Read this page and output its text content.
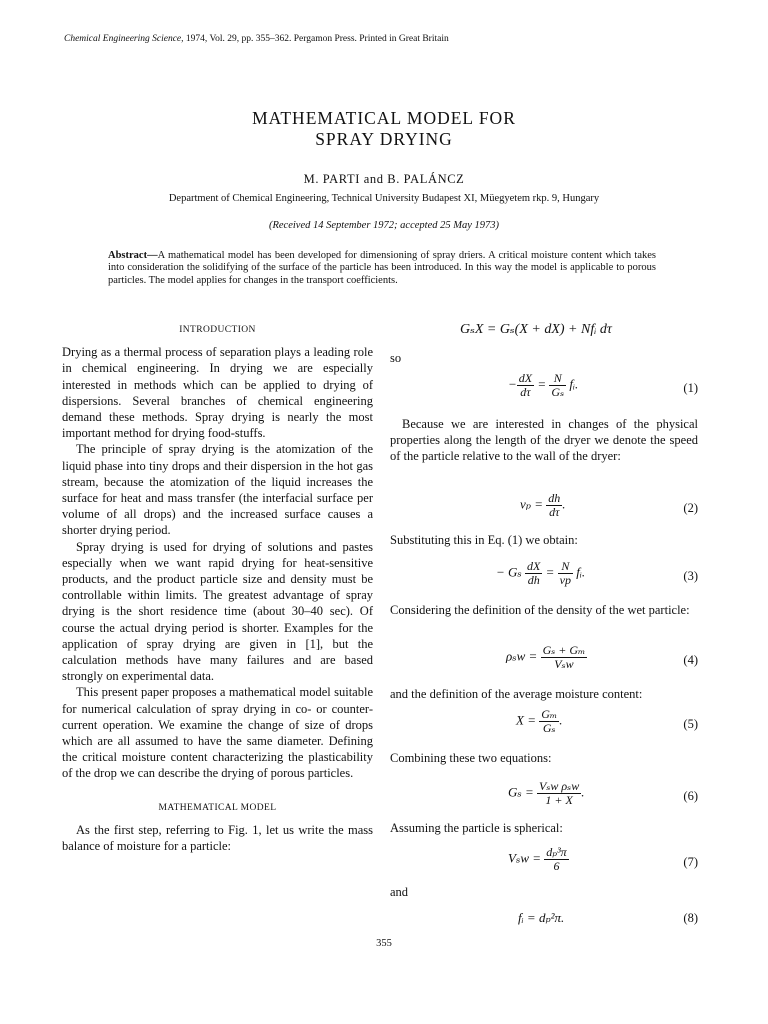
Chemical Engineering Science, 1974, Vol. 29, pp. 355–362. Pergamon Press. Printed in Great Britain
MATHEMATICAL MODEL FOR
SPRAY DRYING
M. PARTI and B. PALÁNCZ
Department of Chemical Engineering, Technical University Budapest XI, Müegyetem rkp. 9, Hungary
(Received 14 September 1972; accepted 25 May 1973)
Abstract—A mathematical model has been developed for dimensioning of spray driers. A critical moisture content which takes into consideration the solidifying of the surface of the particle has been introduced. In this way the model is applicable to porous particles. The model applies for changes in the transport coefficients.
INTRODUCTION

Drying as a thermal process of separation plays a leading role in chemical engineering. In drying we are especially interested in methods which can be applied to drying of dispersions. Several branches of chemical engineering demand these methods. Spray drying is nearly the most important method for drying food-stuffs.

The principle of spray drying is the atomization of the liquid phase into tiny drops and their dispersion in the hot gas stream, because the atomization of the liquid increases the surface for heat and mass transfer (the interfacial surface per volume of all drops) and the increased surface causes a shorter drying period.

Spray drying is used for drying of solutions and pastes especially when we want rapid drying for heat-sensitive products, and the product particle size and density must be controllable within limits. The greatest advantage of spray drying is the short residence time (about 30–40 sec). Of course the actual drying period is shorter. Examples for the application of spray drying are given in [1], but the calculation methods have many failures and are based strongly on experimental data.

This present paper proposes a mathematical model suitable for numerical calculation of spray drying in co- or counter-current operation. We examine the change of size of drops which are all assumed to have the same diameter. Defining the critical moisture content characterizing the plasticability of the drop we can describe the drying of porous particles.

MATHEMATICAL MODEL

As the first step, referring to Fig. 1, let us write the mass balance of moisture for a particle:

GₛX = Gₛ(X + dX) + Nfᵢ dτ
so
− $\frac{dX}{d\tau} = \frac{N}{\text{Gₛ}}$ fᵢ.	(1)
Because we are interested in changes of the physical properties along the length of the dryer we denote the speed of the particle relative to the wall of the dryer:
$v_p = \frac{dh}{d\tau}$ .	(2)
Substituting this in Eq. (1) we obtain:
− Gₛ $\frac{dX}{dh} = \frac{N}{vp}$ fᵢ.	(3)
Considering the definition of the density of the wet particle:
$\rho_sw = \frac{\text{Gₛ + Gₘ}}{\text{Vₛw}}$	(4)
and the definition of the average moisture content:
$X = \frac{\text{Gₘ}}{\text{Gₛ}}$ .	(5)
Combining these two equations:
$G_s = \frac{\text{Vₛw ρₛw}}{1 + X}$ .	(6)
Assuming the particle is spherical:
$V_sw = \frac{\text{dₚ³π}}{6}$	(7)
and
fᵢ = dₚ²π.	(8)
355
